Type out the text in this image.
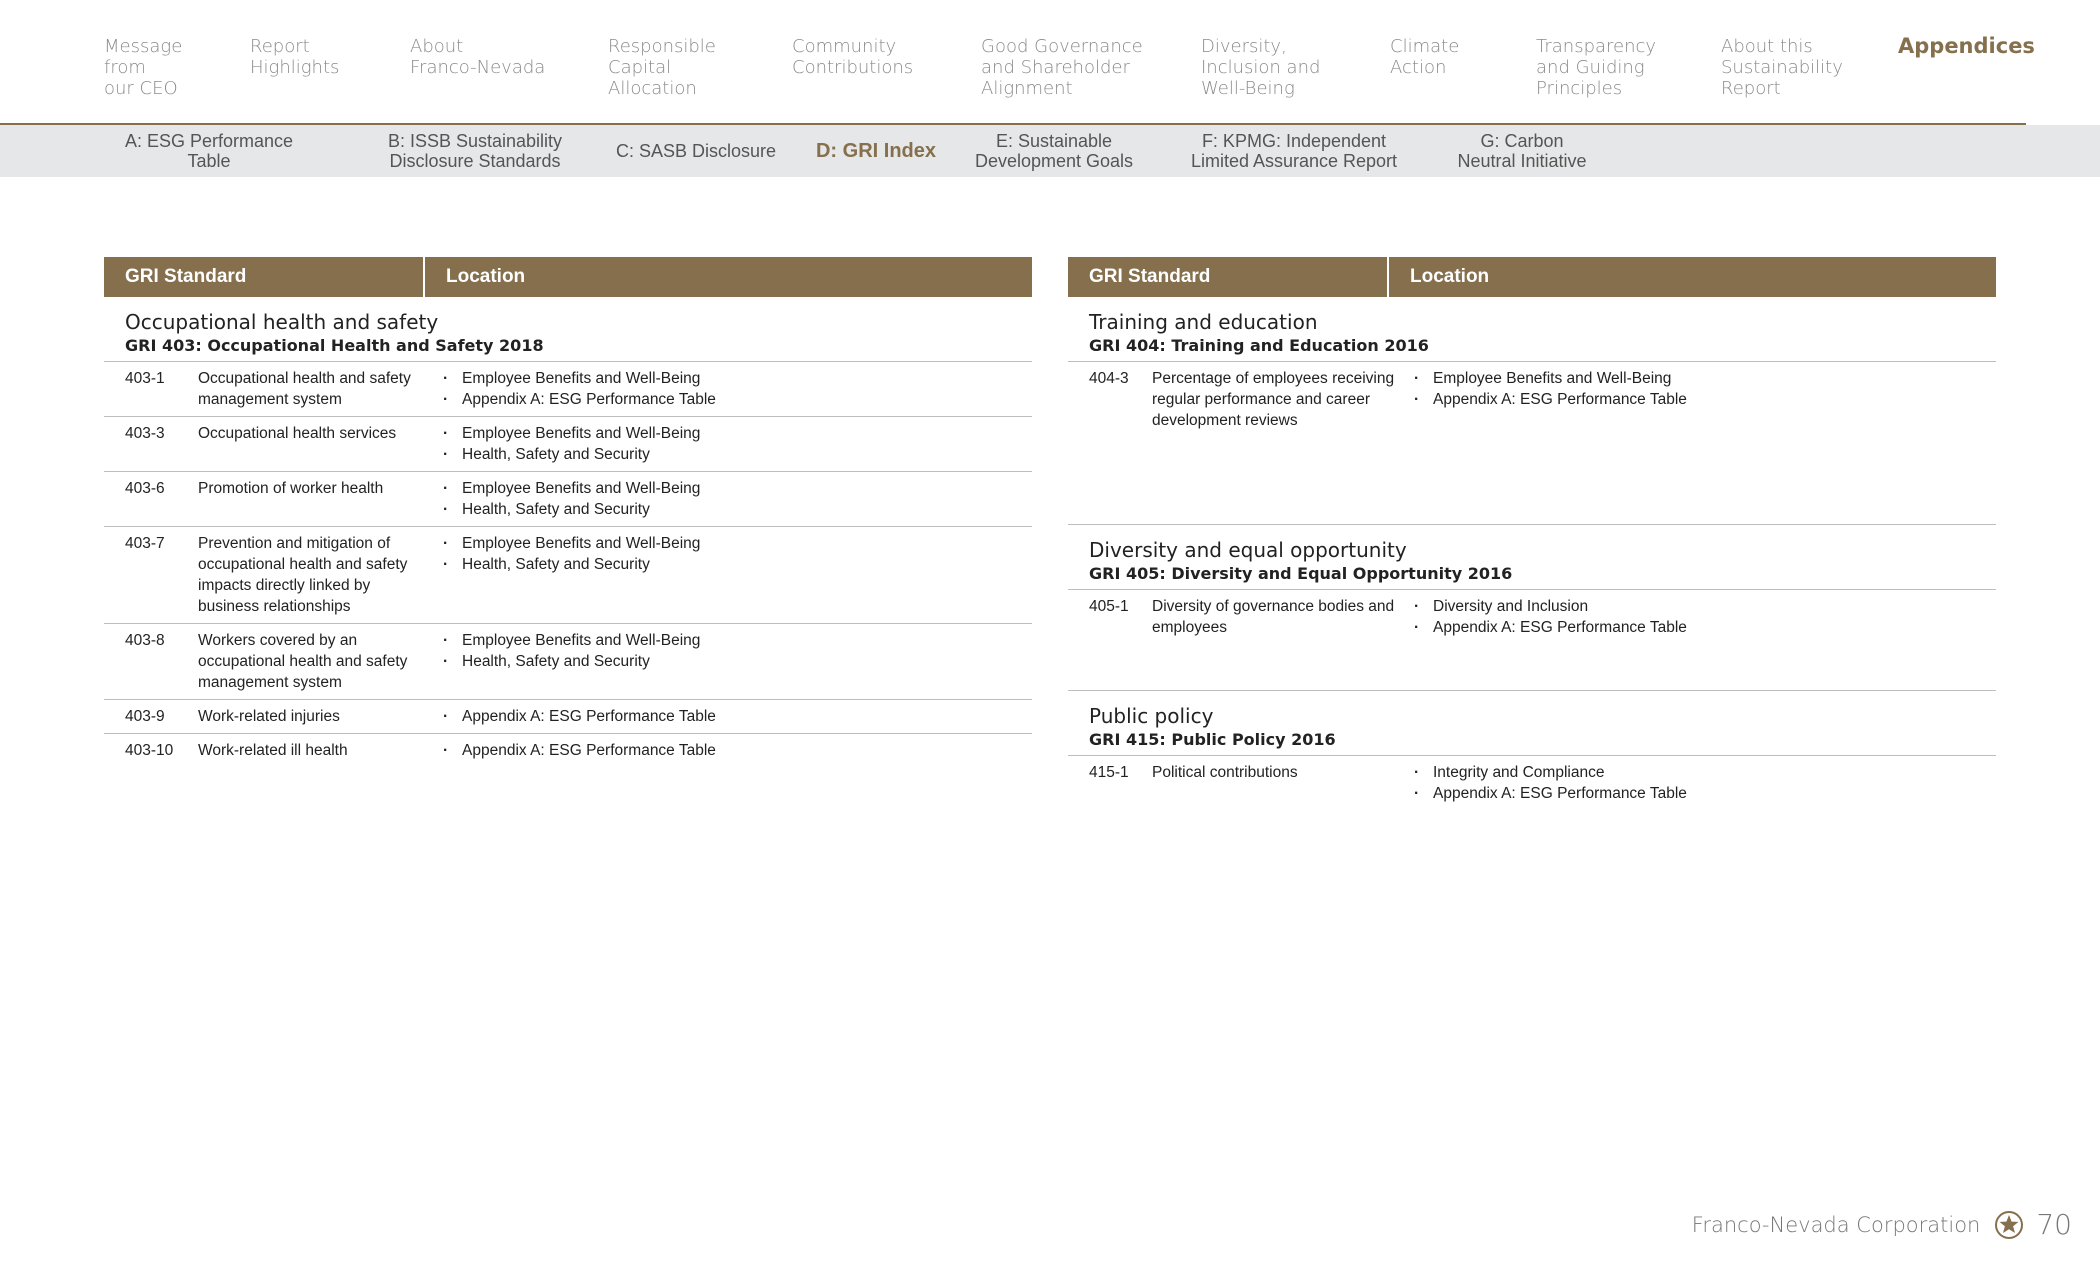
Message
from
our CEO
Report
Highlights
About
Franco-Nevada
Responsible
Capital
Allocation
Community
Contributions
Good Governance
and Shareholder
Alignment
Diversity,
Inclusion and
Well-Being
Climate
Action
Transparency
and Guiding
Principles
About this
Sustainability
Report
Appendices
A: ESG Performance Table
B: ISSB Sustainability
Disclosure Standards	C: SASB Disclosure D: GRI Index	E: Sustainable
Development Goals
F: KPMG: Independent
Limited Assurance Report
G: Carbon
Neutral Initiative
GRI Standard	Location
Occupational health and safety
GRI 403: Occupational Health and Safety 2018
403-1	Occupational health and safety management system
· Employee Benefits and Well-Being
· Appendix A: ESG Performance Table
403-3	Occupational health services	· Employee Benefits and Well-Being
· Health, Safety and Security
403-6	Promotion of worker health	· Employee Benefits and Well-Being
· Health, Safety and Security
403-7	Prevention and mitigation of occupational health and safety impacts directly linked by business relationships
· Employee Benefits and Well-Being
· Health, Safety and Security
403-8	Workers covered by an occupational health and safety management system
· Employee Benefits and Well-Being
· Health, Safety and Security
403-9	Work-related injuries	· Appendix A: ESG Performance Table
403-10	Work-related ill health	· Appendix A: ESG Performance Table
GRI Standard	Location
Training and education
GRI 404: Training and Education 2016
404-3	Percentage of employees receiving regular performance and career development reviews
· Employee Benefits and Well-Being
· Appendix A: ESG Performance Table
Diversity and equal opportunity
GRI 405: Diversity and Equal Opportunity 2016
405-1	Diversity of governance bodies and employees
· Diversity and Inclusion
· Appendix A: ESG Performance Table
Public policy
GRI 415: Public Policy 2016
415-1	Political contributions	· Integrity and Compliance
· Appendix A: ESG Performance Table
Franco-Nevada Corporation 70
